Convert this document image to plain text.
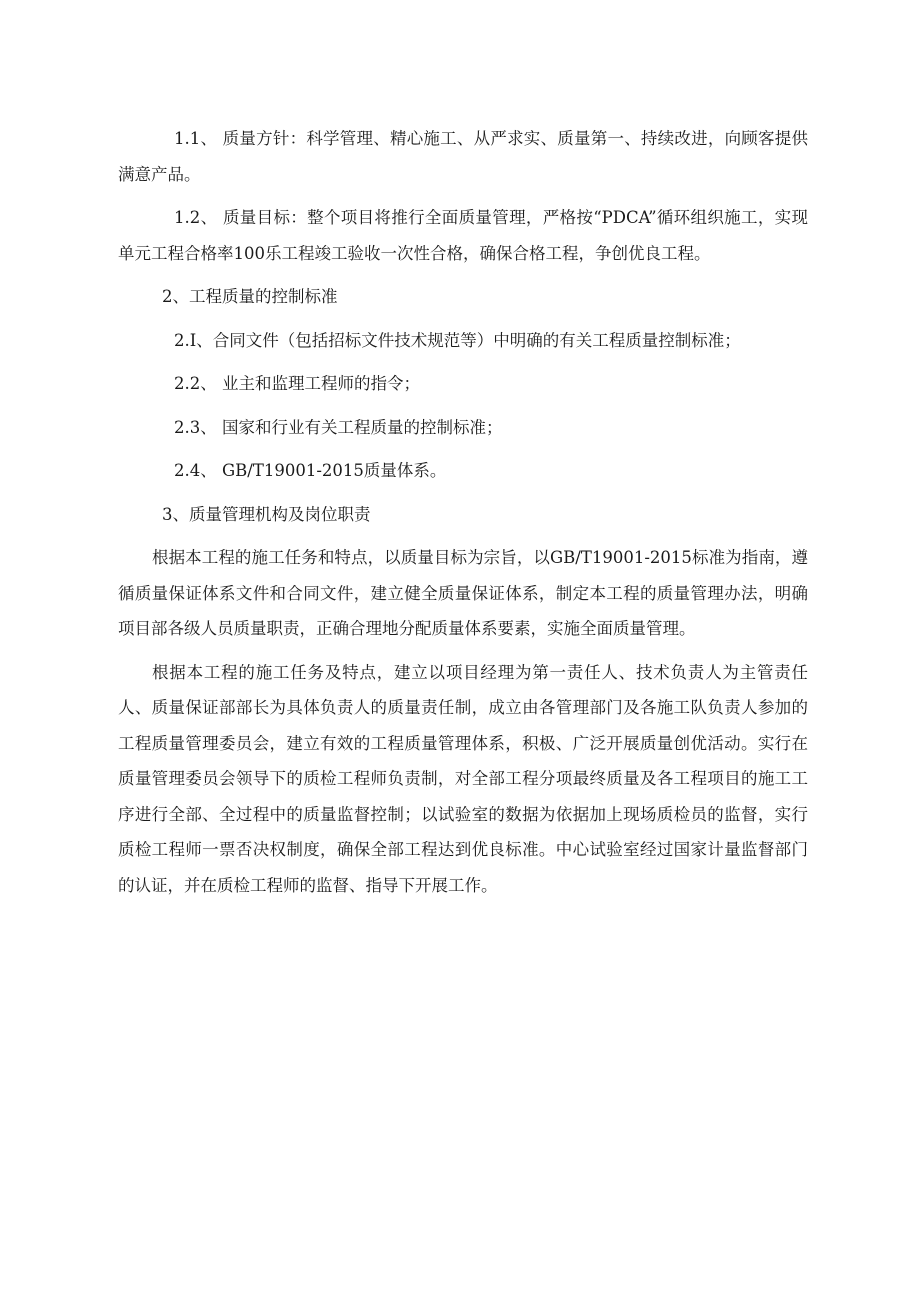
1.1、 质量方针：科学管理、精心施工、从严求实、质量第一、持续改进，向顾客提供满意产品。

1.2、 质量目标：整个项目将推行全面质量管理，严格按“PDCA”循环组织施工，实现单元工程合格率100乐工程竣工验收一次性合格，确保合格工程，争创优良工程。

2、工程质量的控制标准

2.I、合同文件（包括招标文件技术规范等）中明确的有关工程质量控制标准；

2.2、 业主和监理工程师的指令；

2.3、 国家和行业有关工程质量的控制标准；

2.4、 GB/T19001-2015质量体系。

3、质量管理机构及岗位职责

根据本工程的施工任务和特点，以质量目标为宗旨，以GB/T19001-2015标准为指南，遵循质量保证体系文件和合同文件，建立健全质量保证体系，制定本工程的质量管理办法，明确项目部各级人员质量职责，正确合理地分配质量体系要素，实施全面质量管理。

根据本工程的施工任务及特点，建立以项目经理为第一责任人、技术负责人为主管责任人、质量保证部部长为具体负责人的质量责任制，成立由各管理部门及各施工队负责人参加的工程质量管理委员会，建立有效的工程质量管理体系，积极、广泛开展质量创优活动。实行在质量管理委员会领导下的质检工程师负责制，对全部工程分项最终质量及各工程项目的施工工序进行全部、全过程中的质量监督控制；以试验室的数据为依据加上现场质检员的监督，实行质检工程师一票否决权制度，确保全部工程达到优良标准。中心试验室经过国家计量监督部门的认证，并在质检工程师的监督、指导下开展工作。
